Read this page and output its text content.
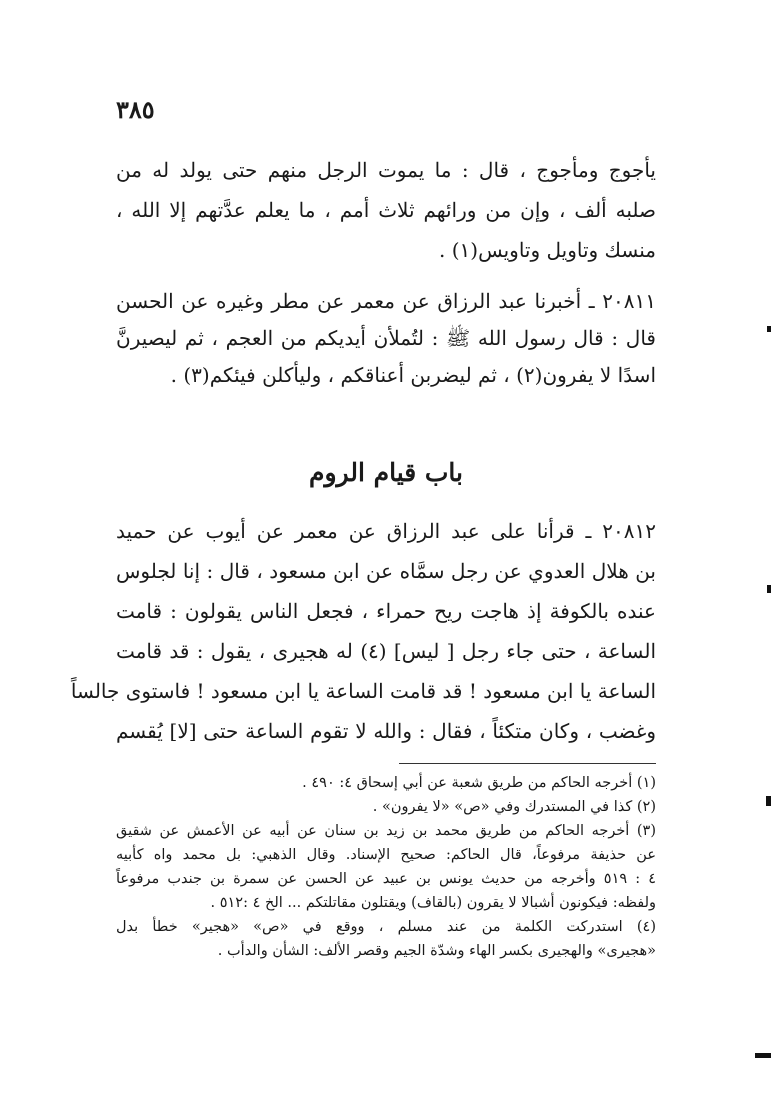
٣٨٥
يأجوج ومأجوج ، قال : ما يموت الرجل منهم حتى يولد له من
صلبه ألف ، وإن من ورائهم ثلاث أمم ، ما يعلم عدَّتهم إلا الله ،
منسك وتاويل وتاويس(١) .
٢٠٨١١ ـ أخبرنا عبد الرزاق عن معمر عن مطر وغيره عن الحسن
قال : قال رسول الله ﷺ : لتُملأن أيديكم من العجم ، ثم ليصيرنَّ
اسدًا لا يفرون(٢) ، ثم ليضربن أعناقكم ، وليأكلن فيئكم(٣) .
باب قيام الروم
٢٠٨١٢ ـ قرأنا على عبد الرزاق عن معمر عن أيوب عن حميد
بن هلال العدوي عن رجل سمَّاه عن ابن مسعود ، قال : إنا لجلوس
عنده بالكوفة إذ هاجت ريح حمراء ، فجعل الناس يقولون : قامت
الساعة ، حتى جاء رجل [ ليس] (٤) له هجيرى ، يقول : قد قامت
الساعة يا ابن مسعود ! قد قامت الساعة يا ابن مسعود ! فاستوى جالساً
وغضب ، وكان متكئاً ، فقال : والله لا تقوم الساعة حتى [لا] يُقسم
(١) أخرجه الحاكم من طريق شعبة عن أبي إسحاق ٤: ٤٩٠ .
(٢) كذا في المستدرك وفي «ص» «لا يفرون» .
(٣) أخرجه الحاكم من طريق محمد بن زيد بن سنان عن أبيه عن الأعمش عن شقيق
عن حذيفة مرفوعاً، قال الحاكم: صحيح الإسناد. وقال الذهبي: بل محمد واه كأبيه
٤ : ٥١٩ وأخرجه من حديث يونس بن عبيد عن الحسن عن سمرة بن جندب مرفوعاً
ولفظه: فيكونون أشبالا لا يقرون (بالقاف) ويقتلون مقاتلتكم ... الخ ٤ :٥١٢ .
(٤) استدركت الكلمة من عند مسلم ، ووقع في «ص» «هجير» خطأ بدل
«هجيرى» والهجيرى بكسر الهاء وشدّة الجيم وقصر الألف: الشأن والدأب .
